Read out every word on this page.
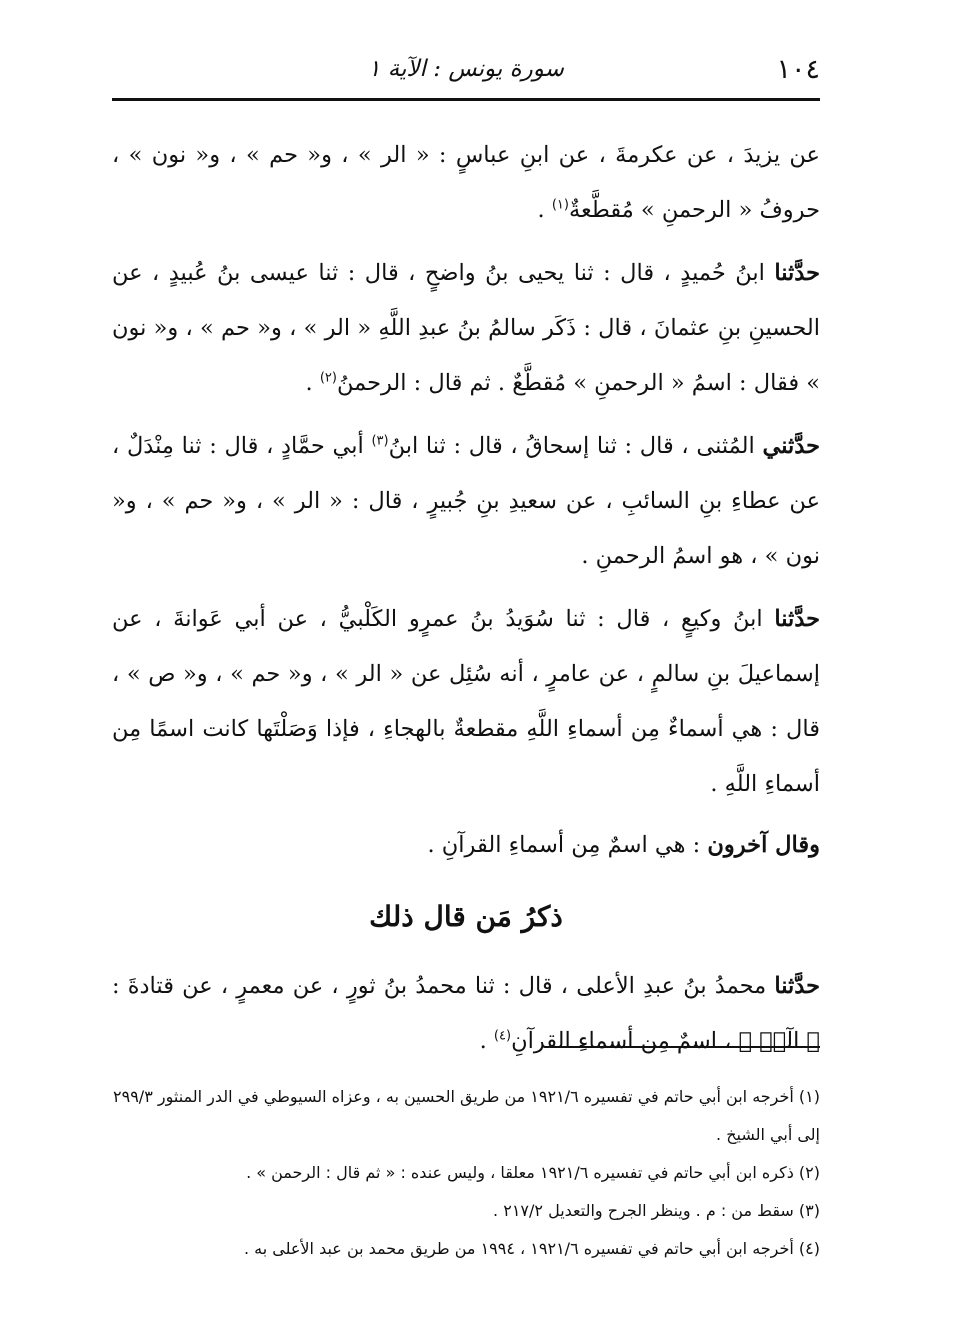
١٠٤
سورة يونس : الآية ١

عن يزيدَ ، عن عكرمةَ ، عن ابنِ عباسٍ : « الر » ، و« حم » ، و« نون » ، حروفُ « الرحمنِ » مُقطَّعةٌ$^{(١)}$ .

حدَّثنا ابنُ حُميدٍ ، قال : ثنا يحيى بنُ واضحٍ ، قال : ثنا عيسى بنُ عُبيدٍ ، عن الحسينِ بنِ عثمانَ ، قال : ذَكَر سالمُ بنُ عبدِ اللَّهِ « الر » ، و« حم » ، و« نون » فقال : اسمُ « الرحمنِ » مُقطَّعٌ . ثم قال : الرحمنُ$^{(٢)}$ .

حدَّثني المُثنى ، قال : ثنا إسحاقُ ، قال : ثنا ابنُ$^{(٣)}$ أبي حمَّادٍ ، قال : ثنا مِنْدَلٌ ، عن عطاءِ بنِ السائبِ ، عن سعيدِ بنِ جُبيرٍ ، قال : « الر » ، و« حم » ، و« نون » ، هو اسمُ الرحمنِ .

حدَّثنا ابنُ وكيعٍ ، قال : ثنا سُوَيدُ بنُ عمرٍو الكَلْبيُّ ، عن أبي عَوانةَ ، عن إسماعيلَ بنِ سالمٍ ، عن عامرٍ ، أنه سُئِل عن « الر » ، و« حم » ، و« ص » ، قال : هي أسماءٌ مِن أسماءِ اللَّهِ مقطعةٌ بالهجاءِ ، فإذا وَصَلْتَها كانت اسمًا مِن أسماءِ اللَّهِ .

وقال آخرون : هي اسمٌ مِن أسماءِ القرآنِ .

ذكرُ مَن قال ذلك

حدَّثنا محمدُ بنُ عبدِ الأعلى ، قال : ثنا محمدُ بنُ ثورٍ ، عن معمرٍ ، عن قتادةَ : ﴿ الٓرۚ ﴾ ، اسمٌ مِن أسماءِ القرآنِ$^{(٤)}$ .

(١) أخرجه ابن أبي حاتم في تفسيره ١٩٢١/٦ من طريق الحسين به ، وعزاه السيوطي في الدر المنثور ٢٩٩/٣ إلى أبي الشيخ .

(٢) ذكره ابن أبي حاتم في تفسيره ١٩٢١/٦ معلقا ، وليس عنده : « ثم قال : الرحمن » .

(٣) سقط من : م . وينظر الجرح والتعديل ٢١٧/٢ .

(٤) أخرجه ابن أبي حاتم في تفسيره ١٩٢١/٦ ، ١٩٩٤ من طريق محمد بن عبد الأعلى به .
